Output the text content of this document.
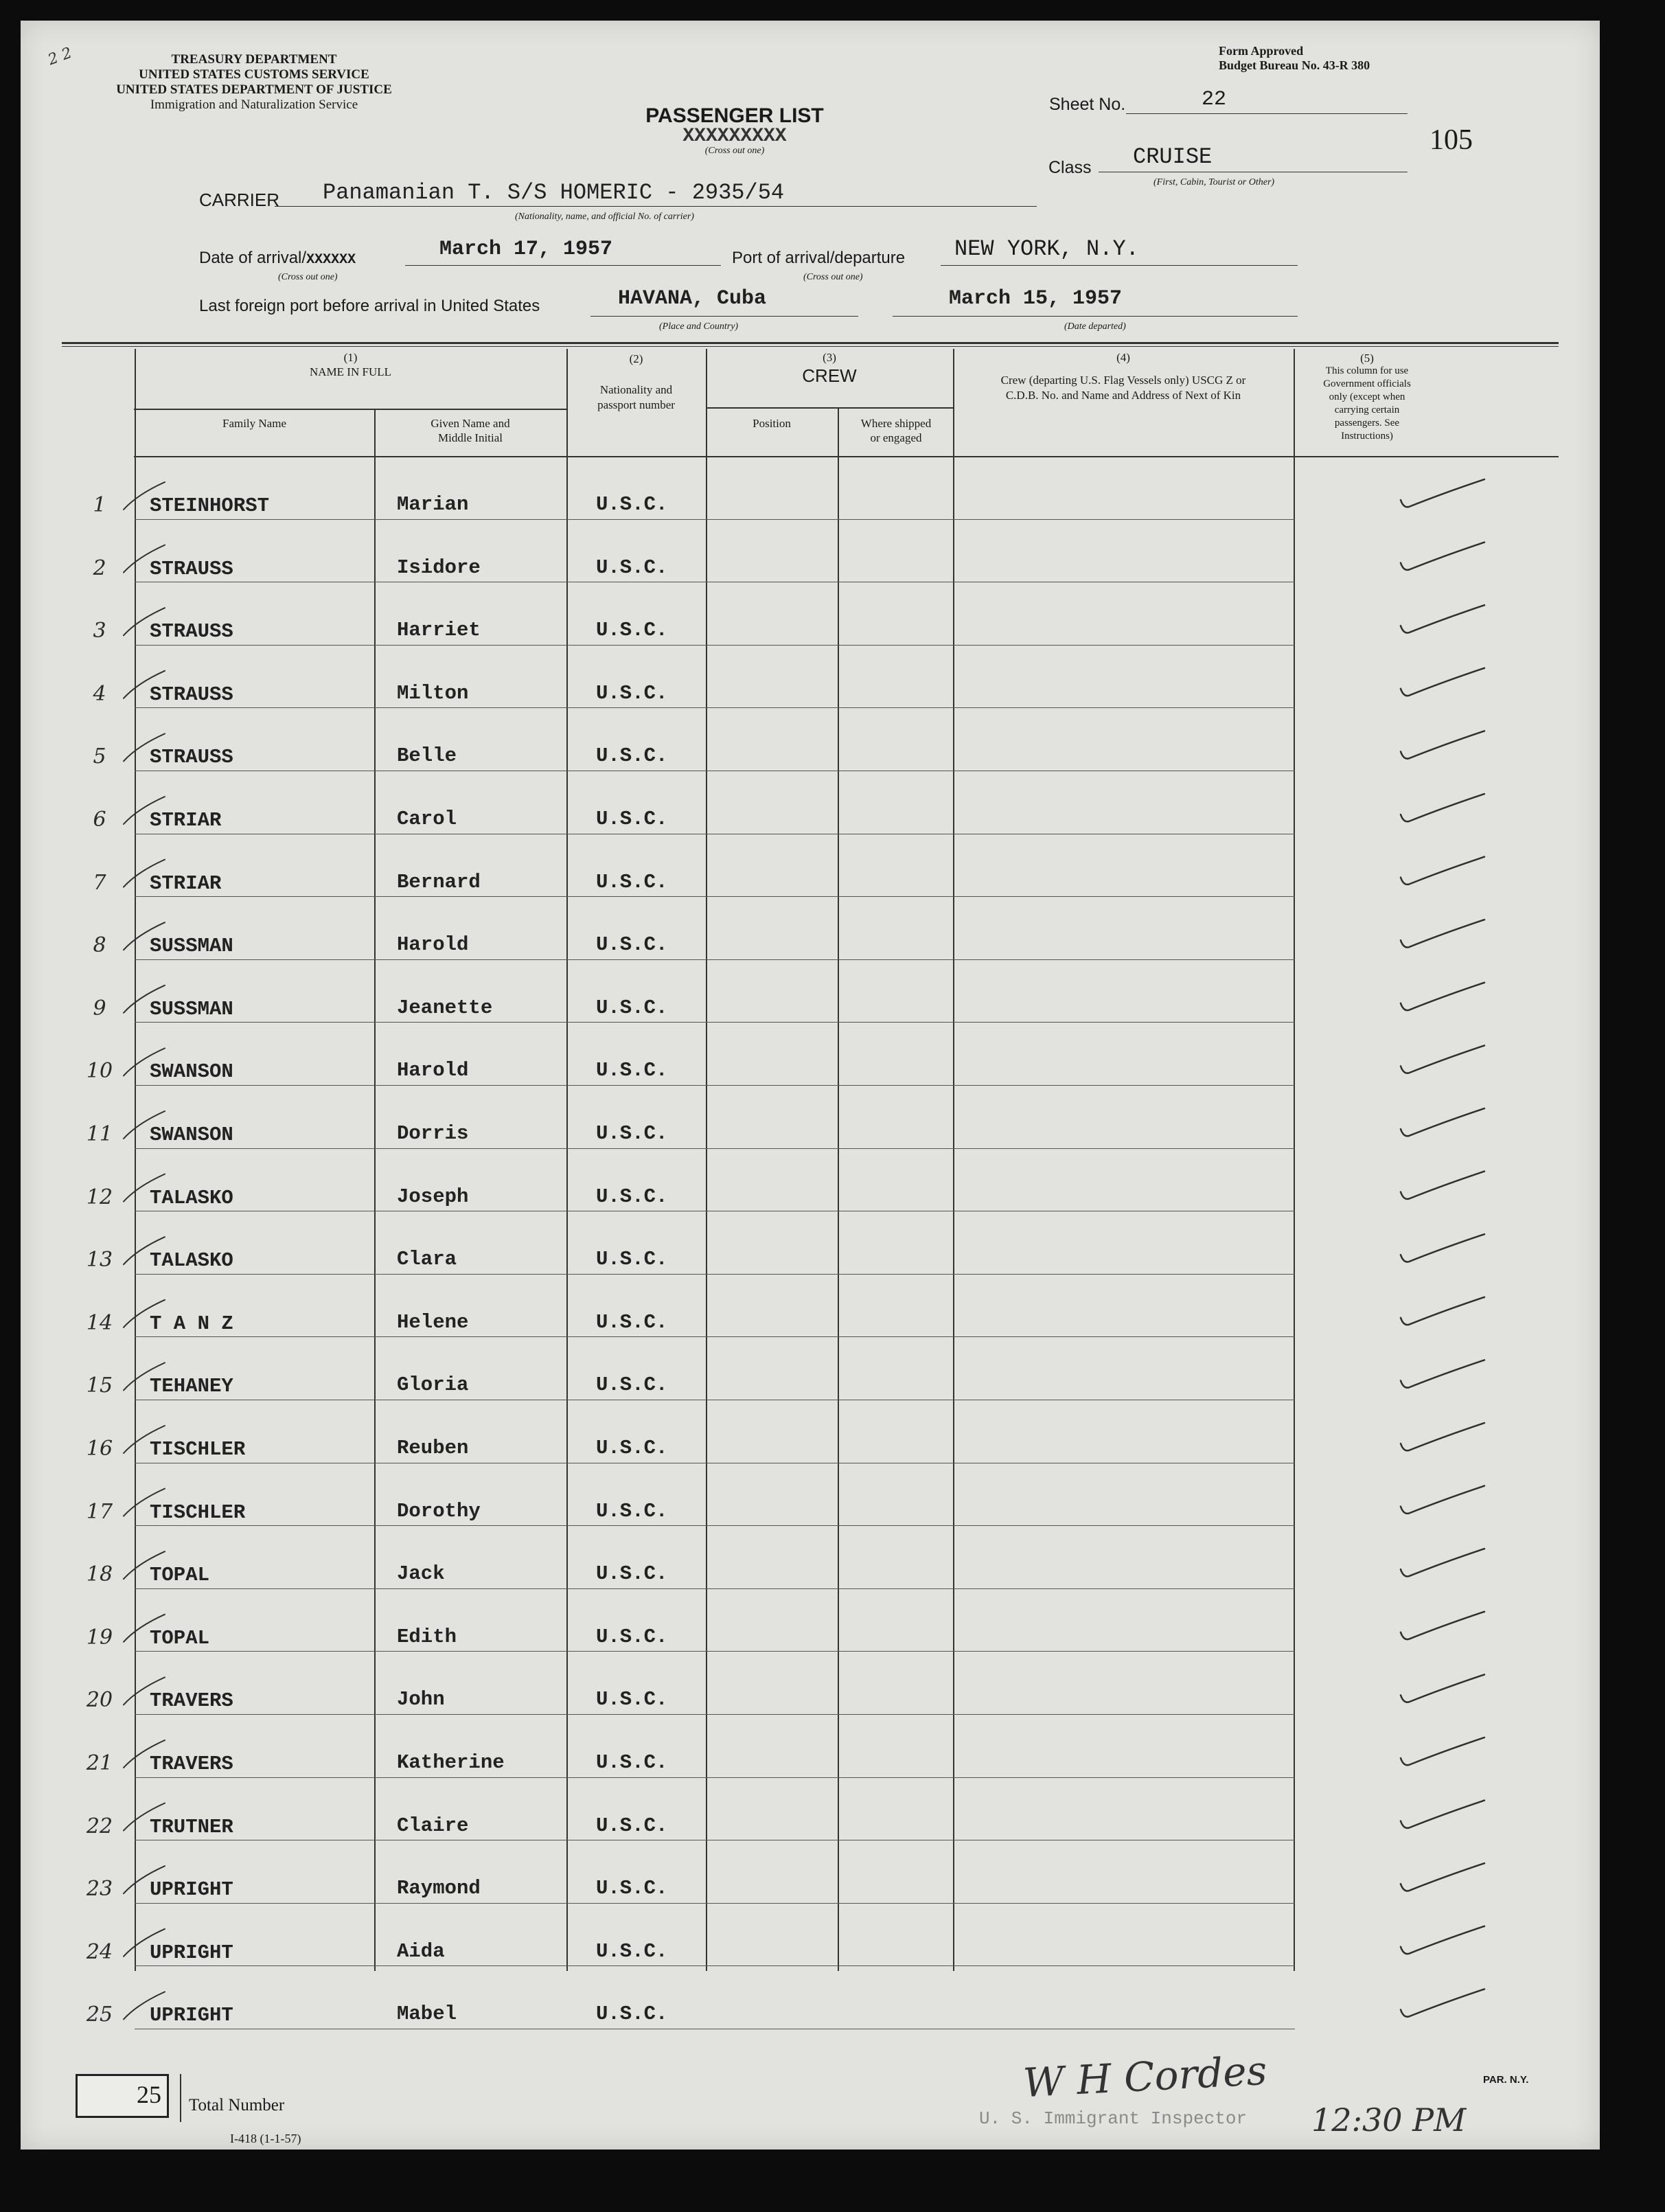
TREASURY DEPARTMENT
UNITED STATES CUSTOMS SERVICE
UNITED STATES DEPARTMENT OF JUSTICE
Immigration and Naturalization Service
2 2	Form Approved
Budget Bureau No. 43-R 380
PASSENGER LIST
XXXXXXXXX
(Cross out one)
Sheet No.	22
105
Class CRUISE
(First, Cabin, Tourist or Other)
CARRIER Panamanian T. S/S HOMERIC - 2935/54
(Nationality, name, and official No. of carrier)
Date of arrival/XXXXXX	March 17, 1957
(Cross out one)
Port of arrival/departure NEW YORK, N.Y.
(Cross out one)
Last foreign port before arrival in United States	HAVANA, Cuba
(Place and Country)
March 15, 1957
(Date departed)
(1)
NAME IN FULL
Family Name	Given Name and Middle Initial
(2)
Nationality and passport number
(3)
CREW
Position	Where shipped or engaged
(4)
Crew (departing U.S. Flag Vessels only) USCG Z or C.D.B. No. and Name and Address of Next of Kin
(5)
This column for use Government officials only (except when carrying certain passengers. See Instructions)
1	STEINHORST	Marian	U.S.C.
2	STRAUSS	Isidore	U.S.C.
3	STRAUSS	Harriet	U.S.C.
4	STRAUSS	Milton	U.S.C.
5	STRAUSS	Belle	U.S.C.
6	STRIAR	Carol	U.S.C.
7	STRIAR	Bernard	U.S.C.
8	SUSSMAN	Harold	U.S.C.
9	SUSSMAN	Jeanette	U.S.C.
10	SWANSON	Harold	U.S.C.
11	SWANSON	Dorris	U.S.C.
12	TALASKO	Joseph	U.S.C.
13	TALASKO	Clara	U.S.C.
14	T A N Z	Helene	U.S.C.
15	TEHANEY	Gloria	U.S.C.
16	TISCHLER	Reuben	U.S.C.
17	TISCHLER	Dorothy	U.S.C.
18	TOPAL	Jack	U.S.C.
19	TOPAL	Edith	U.S.C.
20	TRAVERS	John	U.S.C.
21	TRAVERS	Katherine	U.S.C.
22	TRUTNER	Claire	U.S.C.
23	UPRIGHT	Raymond	U.S.C.
24	UPRIGHT	Aida	U.S.C.
25	UPRIGHT	Mabel	U.S.C.
25 Total Number
I-418 (1-1-57)
W H Cordes
U. S. Immigrant Inspector 12:30 PM
PAR. N.Y.
